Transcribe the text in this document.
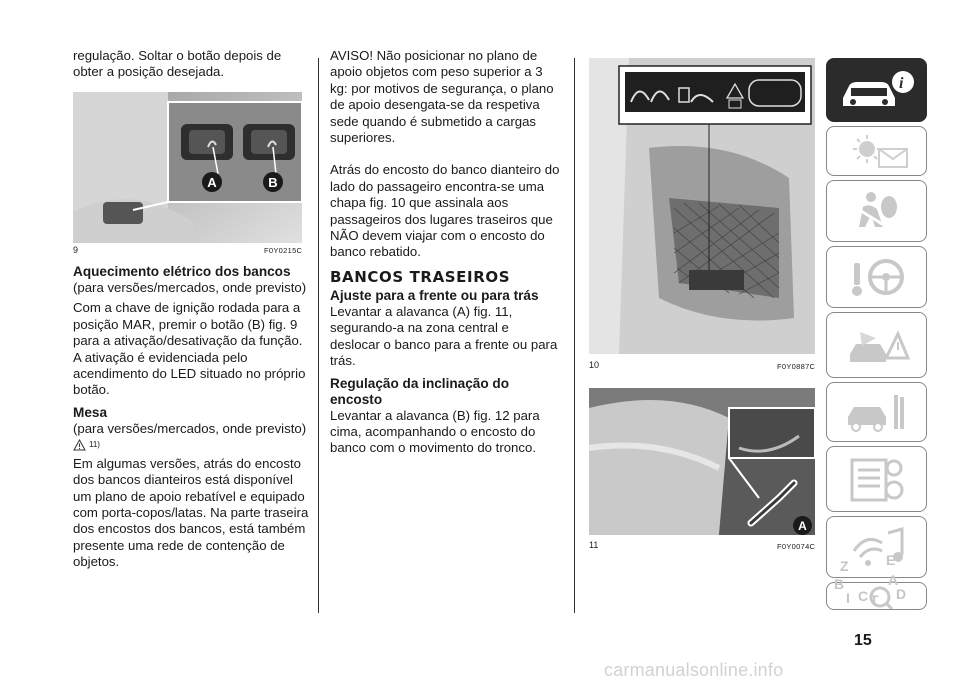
regulação. Soltar o botão depois de obter a posição desejada.

A	B
9	F0Y0215C
Aquecimento elétrico dos bancos

(para versões/mercados, onde previsto)

Com a chave de ignição rodada para a posição MAR, premir o botão (B) fig. 9 para a ativação/desativação da função. A ativação é evidenciada pelo acendimento do LED situado no próprio botão.

Mesa

(para versões/mercados, onde previsto)

11)

Em algumas versões, atrás do encosto dos bancos dianteiros está disponível um plano de apoio rebatível e equipado com porta-copos/latas. Na parte traseira dos encostos dos bancos, está também presente uma rede de contenção de objetos.

AVISO! Não posicionar no plano de apoio objetos com peso superior a 3 kg: por motivos de segurança, o plano de apoio desengata-se da respetiva sede quando é submetido a cargas superiores.

Atrás do encosto do banco dianteiro do lado do passageiro encontra-se uma chapa fig. 10 que assinala aos passageiros dos lugares traseiros que NÃO devem viajar com o encosto do banco rebatido.

BANCOS TRASEIROS
Ajuste para a frente ou para trás

Levantar a alavanca (A) fig. 11, segurando-a na zona central e deslocar o banco para a frente ou para trás.

Regulação da inclinação do encosto

Levantar a alavanca (B) fig. 12 para cima, acompanhando o encosto do banco com o movimento do tronco.

10	F0Y0887C
A
11	F0Y0074C
i
Z	E
B	A
C D
I T
15
carmanualsonline.info
